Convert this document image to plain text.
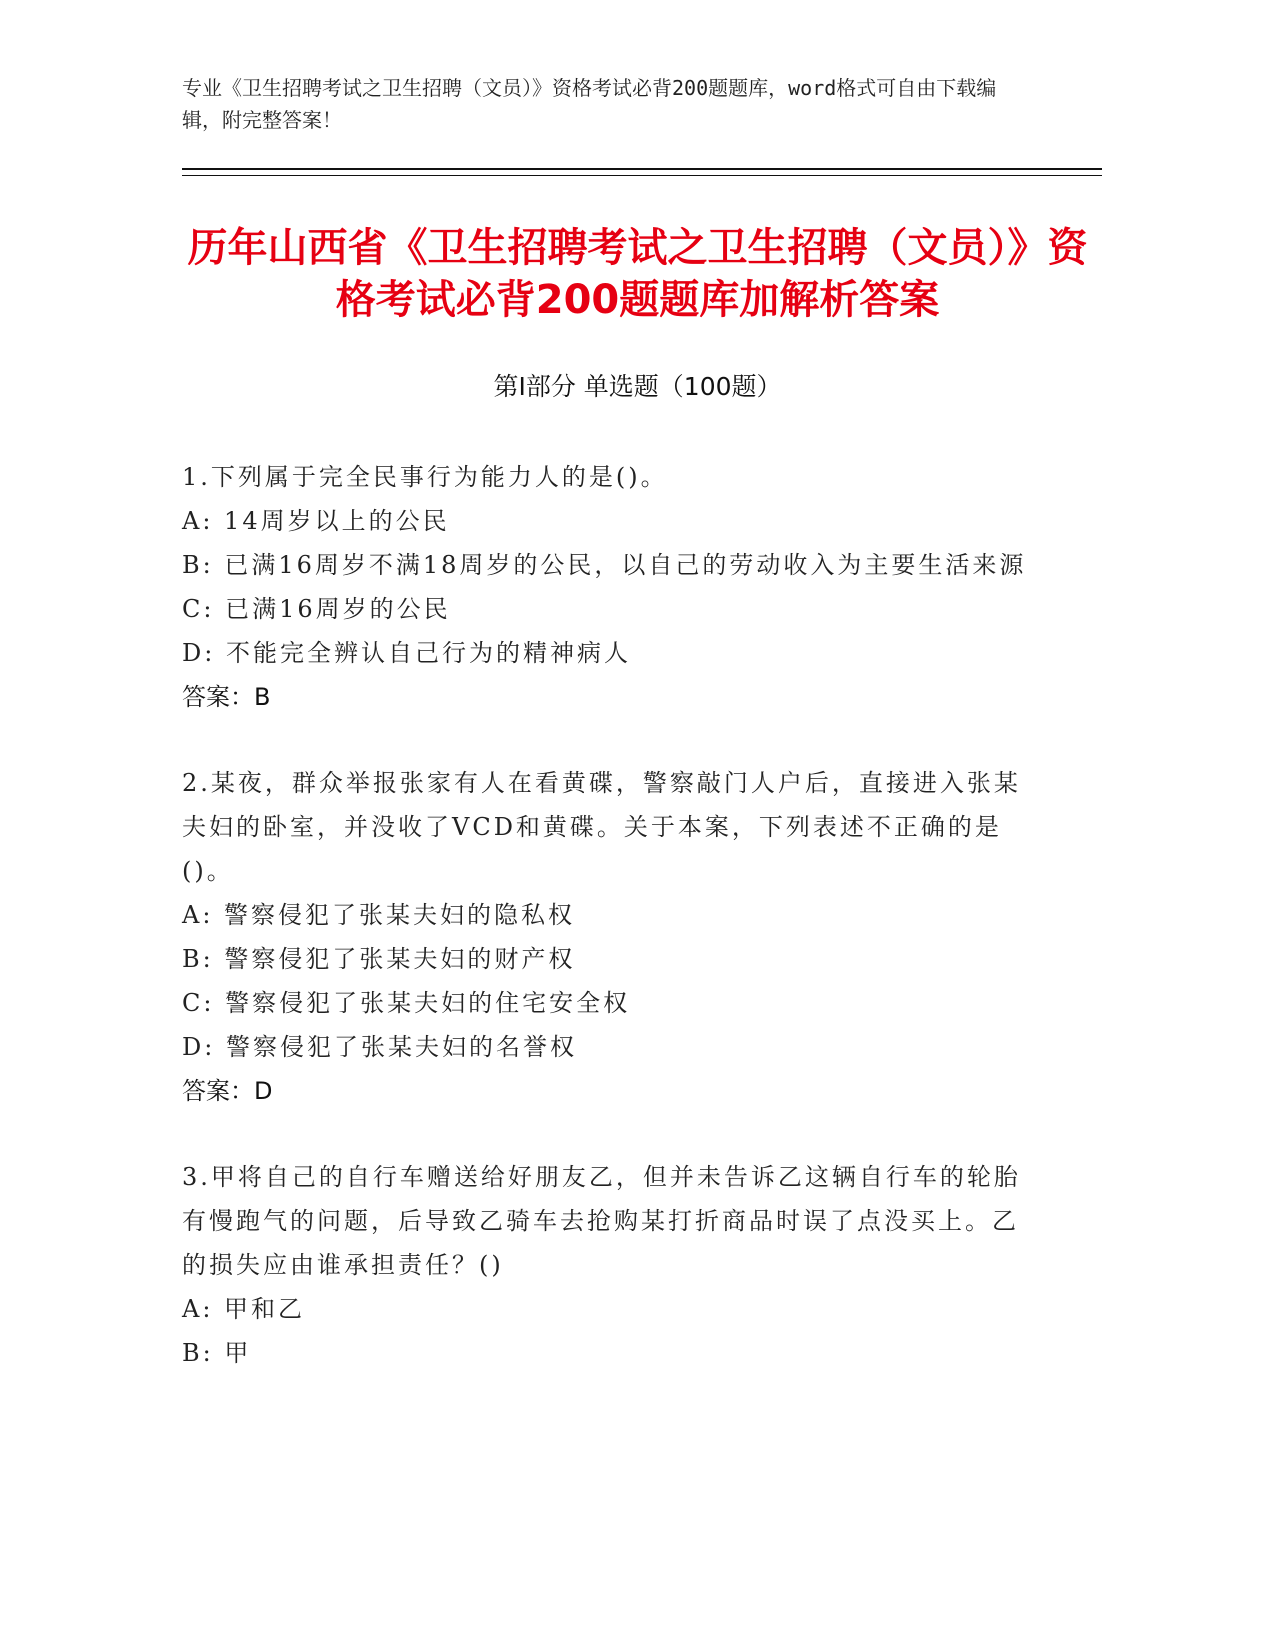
专业《卫生招聘考试之卫生招聘（文员）》资格考试必背200题题库，word格式可自由下载编辑，附完整答案！
历年山西省《卫生招聘考试之卫生招聘（文员）》资格考试必背200题题库加解析答案
第Ⅰ部分 单选题（100题）
1.下列属于完全民事行为能力人的是()。
A: 14周岁以上的公民
B: 已满16周岁不满18周岁的公民，以自己的劳动收入为主要生活来源
C: 已满16周岁的公民
D: 不能完全辨认自己行为的精神病人
答案：B
2.某夜，群众举报张家有人在看黄碟，警察敲门人户后，直接进入张某夫妇的卧室，并没收了VCD和黄碟。关于本案，下列表述不正确的是()。
A: 警察侵犯了张某夫妇的隐私权
B: 警察侵犯了张某夫妇的财产权
C: 警察侵犯了张某夫妇的住宅安全权
D: 警察侵犯了张某夫妇的名誉权
答案：D
3.甲将自己的自行车赠送给好朋友乙，但并未告诉乙这辆自行车的轮胎有慢跑气的问题，后导致乙骑车去抢购某打折商品时误了点没买上。乙的损失应由谁承担责任？()
A: 甲和乙
B: 甲
